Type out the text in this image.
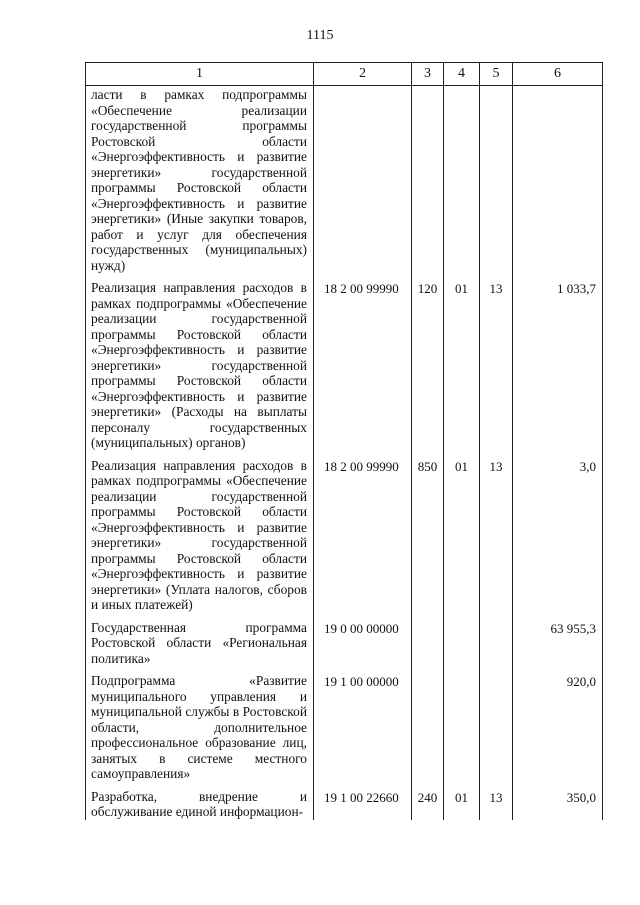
1115
1	2	3	4	5	6
ласти в рамках подпрограммы «Обеспечение реализации государственной программы Ростовской области «Энергоэффективность и развитие энергетики» государственной программы Ростовской области «Энергоэффективность и развитие энергетики» (Иные закупки товаров, работ и услуг для обеспечения государственных (муниципальных) нужд)					
Реализация направления расходов в рамках подпрограммы «Обеспечение реализации государственной программы Ростовской области «Энергоэффективность и развитие энергетики» государственной программы Ростовской области «Энергоэффективность и развитие энергетики» (Расходы на выплаты персоналу государственных (муниципальных) органов)	18 2 00 99990	120	01	13	1 033,7
Реализация направления расходов в рамках подпрограммы «Обеспечение реализации государственной программы Ростовской области «Энергоэффективность и развитие энергетики» государственной программы Ростовской области «Энергоэффективность и развитие энергетики» (Уплата налогов, сборов и иных платежей)	18 2 00 99990	850	01	13	3,0
Государственная программа Ростовской области «Региональная политика»	19 0 00 00000				63 955,3
Подпрограмма «Развитие муниципального управления и муниципальной службы в Ростовской области, дополнительное профессиональное образование лиц, занятых в системе местного самоуправления»	19 1 00 00000				920,0
Разработка, внедрение и обслуживание единой информацион-	19 1 00 22660	240	01	13	350,0
